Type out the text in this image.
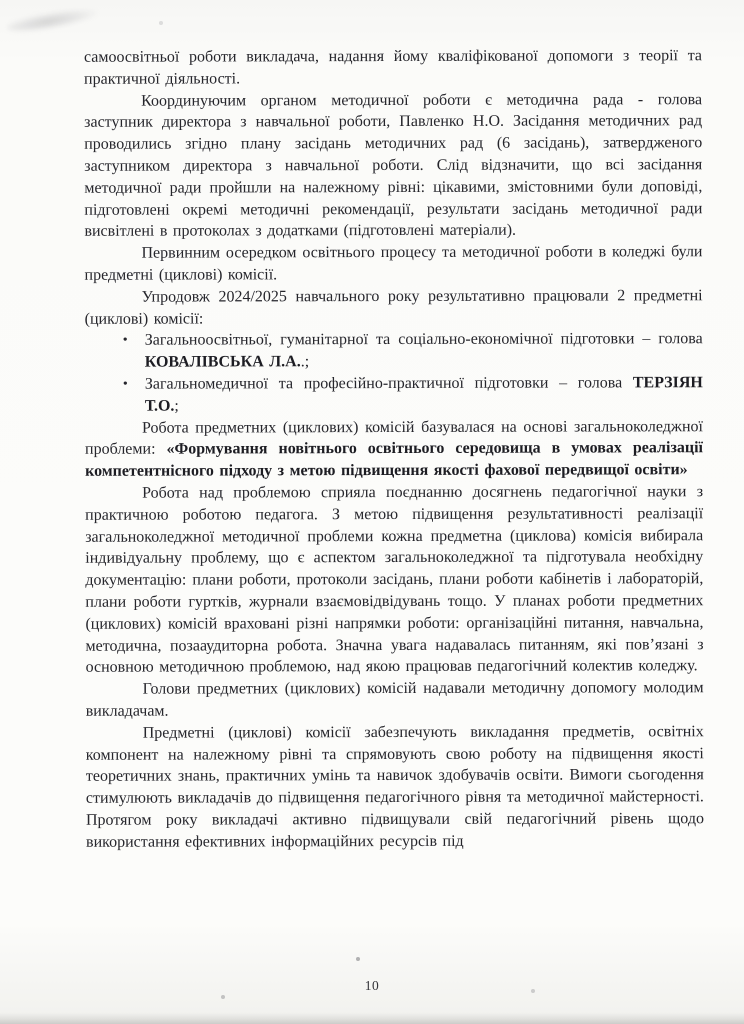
самоосвітньої роботи викладача, надання йому кваліфікованої допомоги з теорії та практичної діяльності.

Координуючим органом методичної роботи є методична рада - голова заступник директора з навчальної роботи, Павленко Н.О. Засідання методичних рад проводились згідно плану засідань методичних рад (6 засідань), затвердженого заступником директора з навчальної роботи. Слід відзначити, що всі засідання методичної ради пройшли на належному рівні: цікавими, змістовними були доповіді, підготовлені окремі методичні рекомендації, результати засідань методичної ради висвітлені в протоколах з додатками (підготовлені матеріали).

Первинним осередком освітнього процесу та методичної роботи в коледжі були предметні (циклові) комісії.

Упродовж 2024/2025 навчального року результативно працювали 2 предметні (циклові) комісії:

• Загальноосвітньої, гуманітарної та соціально-економічної підготовки – голова КОВАЛІВСЬКА Л.А..;
• Загальномедичної та професійно-практичної підготовки – голова ТЕРЗІЯН Т.О.;

Робота предметних (циклових) комісій базувалася на основі загальноколеджної проблеми: «Формування новітнього освітнього середовища в умовах реалізації компетентнісного підходу з метою підвищення якості фахової передвищої освіти»

Робота над проблемою сприяла поєднанню досягнень педагогічної науки з практичною роботою педагога. З метою підвищення результативності реалізації загальноколеджної методичної проблеми кожна предметна (циклова) комісія вибирала індивідуальну проблему, що є аспектом загальноколеджної та підготувала необхідну документацію: плани роботи, протоколи засідань, плани роботи кабінетів і лабораторій, плани роботи гуртків, журнали взаємовідвідувань тощо. У планах роботи предметних (циклових) комісій враховані різні напрямки роботи: організаційні питання, навчальна, методична, позааудиторна робота. Значна увага надавалась питанням, які пов’язані з основною методичною проблемою, над якою працював педагогічний колектив коледжу.

Голови предметних (циклових) комісій надавали методичну допомогу молодим викладачам.

Предметні (циклові) комісії забезпечують викладання предметів, освітніх компонент на належному рівні та спрямовують свою роботу на підвищення якості теоретичних знань, практичних умінь та навичок здобувачів освіти. Вимоги сьогодення стимулюють викладачів до підвищення педагогічного рівня та методичної майстерності. Протягом року викладачі активно підвищували свій педагогічний рівень щодо використання ефективних інформаційних ресурсів під

10
